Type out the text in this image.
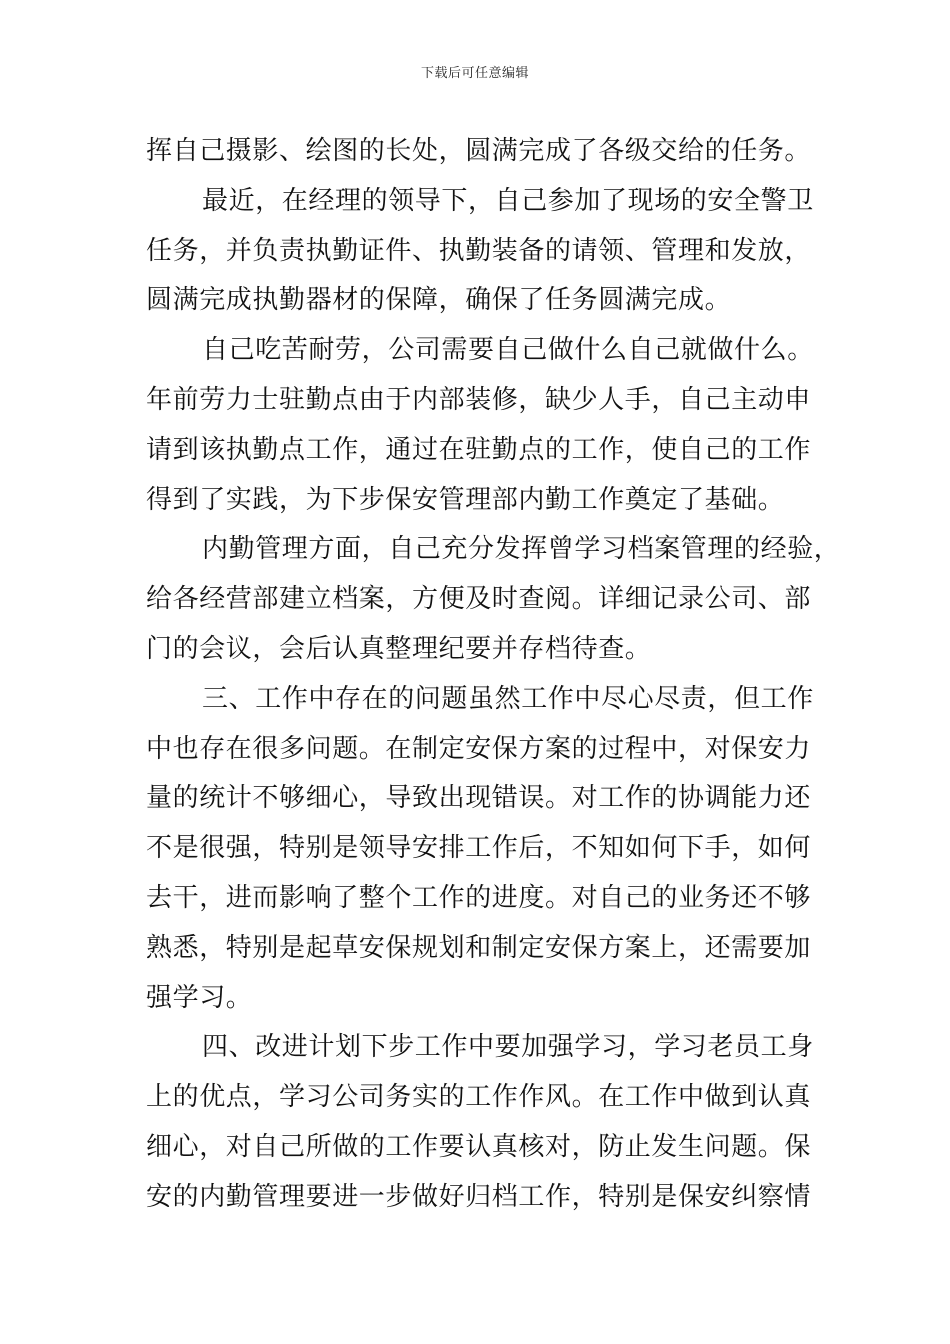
下载后可任意编辑
挥自己摄影、绘图的长处，圆满完成了各级交给的任务。
最近，在经理的领导下，自己参加了现场的安全警卫
任务，并负责执勤证件、执勤装备的请领、管理和发放，
圆满完成执勤器材的保障，确保了任务圆满完成。
自己吃苦耐劳，公司需要自己做什么自己就做什么。
年前劳力士驻勤点由于内部装修，缺少人手，自己主动申
请到该执勤点工作，通过在驻勤点的工作，使自己的工作
得到了实践，为下步保安管理部内勤工作奠定了基础。
内勤管理方面，自己充分发挥曾学习档案管理的经验，
给各经营部建立档案，方便及时查阅。详细记录公司、部
门的会议，会后认真整理纪要并存档待查。
三、工作中存在的问题虽然工作中尽心尽责，但工作
中也存在很多问题。在制定安保方案的过程中，对保安力
量的统计不够细心，导致出现错误。对工作的协调能力还
不是很强，特别是领导安排工作后，不知如何下手，如何
去干，进而影响了整个工作的进度。对自己的业务还不够
熟悉，特别是起草安保规划和制定安保方案上，还需要加
强学习。
四、改进计划下步工作中要加强学习，学习老员工身
上的优点，学习公司务实的工作作风。在工作中做到认真
细心，对自己所做的工作要认真核对，防止发生问题。保
安的内勤管理要进一步做好归档工作，特别是保安纠察情
